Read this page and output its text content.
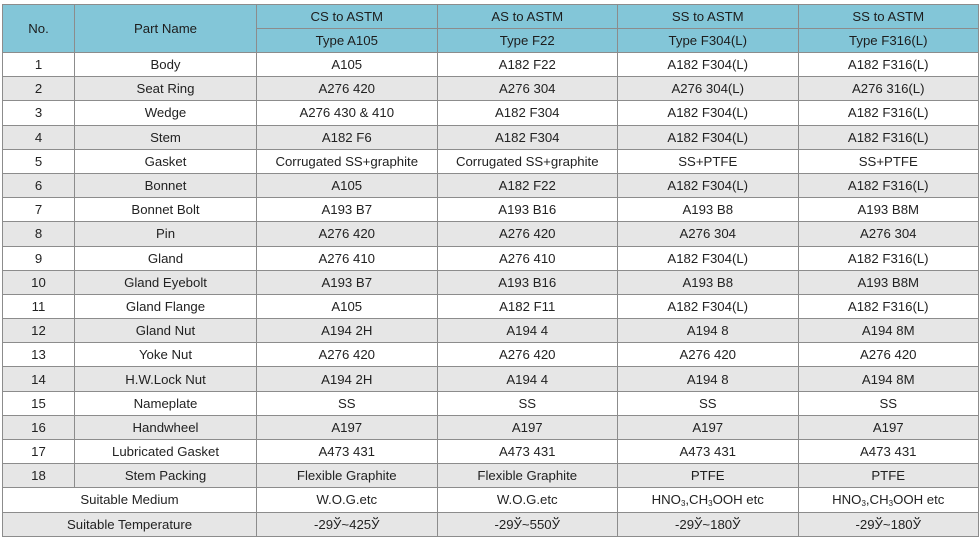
No.	Part Name	CS to ASTM	AS to ASTM	SS to ASTM	SS to ASTM
		Type A105	Type F22	Type F304(L)	Type F316(L)
1	Body	A105	A182 F22	A182 F304(L)	A182 F316(L)
2	Seat Ring	A276 420	A276 304	A276 304(L)	A276 316(L)
3	Wedge	A276 430 & 410	A182 F304	A182 F304(L)	A182 F316(L)
4	Stem	A182 F6	A182 F304	A182 F304(L)	A182 F316(L)
5	Gasket	Corrugated SS+graphite	Corrugated SS+graphite	SS+PTFE	SS+PTFE
6	Bonnet	A105	A182 F22	A182 F304(L)	A182 F316(L)
7	Bonnet Bolt	A193 B7	A193 B16	A193 B8	A193 B8M
8	Pin	A276 420	A276 420	A276 304	A276 304
9	Gland	A276 410	A276 410	A182 F304(L)	A182 F316(L)
10	Gland Eyebolt	A193 B7	A193 B16	A193 B8	A193 B8M
11	Gland Flange	A105	A182 F11	A182 F304(L)	A182 F316(L)
12	Gland Nut	A194 2H	A194 4	A194 8	A194 8M
13	Yoke Nut	A276 420	A276 420	A276 420	A276 420
14	H.W.Lock Nut	A194 2H	A194 4	A194 8	A194 8M
15	Nameplate	SS	SS	SS	SS
16	Handwheel	A197	A197	A197	A197
17	Lubricated Gasket	A473 431	A473 431	A473 431	A473 431
18	Stem Packing	Flexible Graphite	Flexible Graphite	PTFE	PTFE
Suitable Medium		W.O.G.etc	W.O.G.etc	$HNO_3,CH_3OOH$ etc	$HNO_3,CH_3OOH$ etc
Suitable Temperature		-29Ў~425Ў	-29Ў~550Ў	-29Ў~180Ў	-29Ў~180Ў
